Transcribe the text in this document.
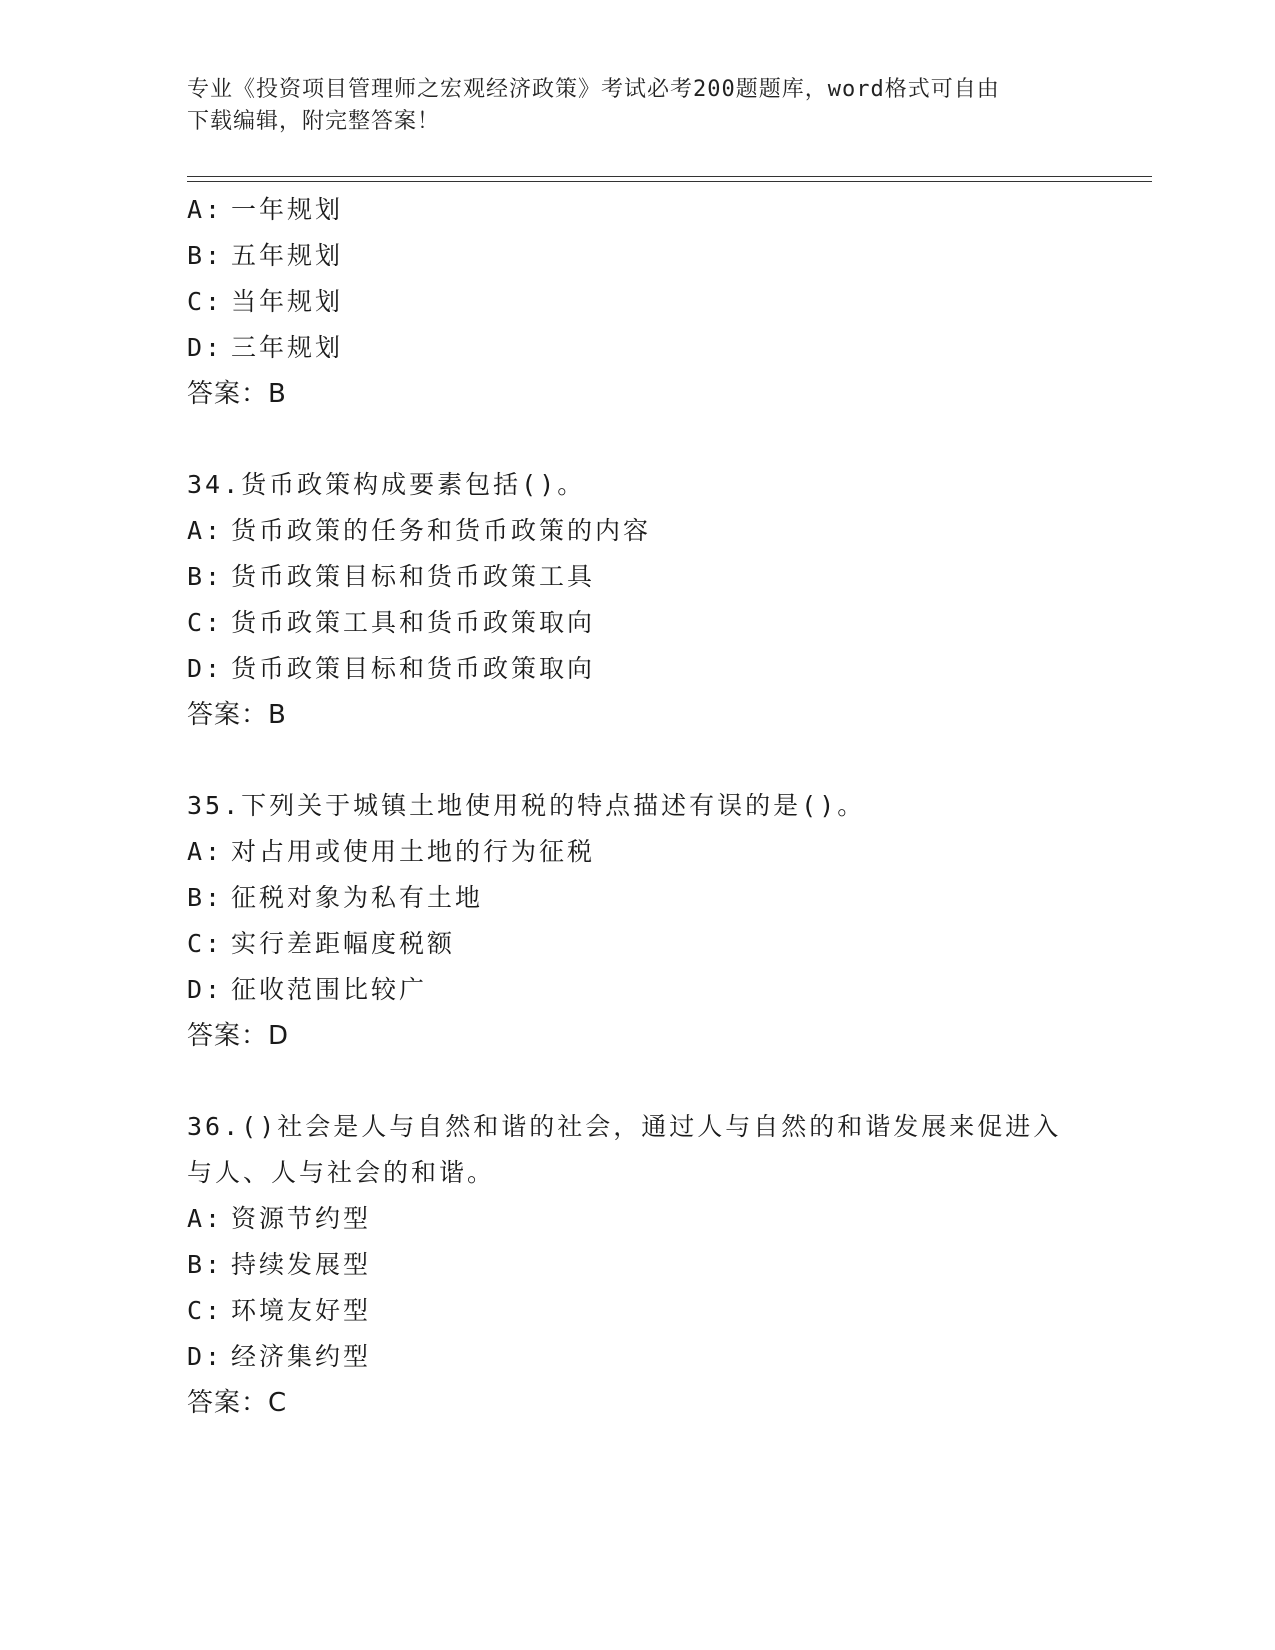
专业《投资项目管理师之宏观经济政策》考试必考200题题库，word格式可自由
下载编辑，附完整答案！
A: 一年规划
B: 五年规划
C: 当年规划
D: 三年规划
答案：B
34.货币政策构成要素包括()。
A: 货币政策的任务和货币政策的内容
B: 货币政策目标和货币政策工具
C: 货币政策工具和货币政策取向
D: 货币政策目标和货币政策取向
答案：B
35.下列关于城镇土地使用税的特点描述有误的是()。
A: 对占用或使用土地的行为征税
B: 征税对象为私有土地
C: 实行差距幅度税额
D: 征收范围比较广
答案：D
36.()社会是人与自然和谐的社会，通过人与自然的和谐发展来促进入
与人、人与社会的和谐。
A: 资源节约型
B: 持续发展型
C: 环境友好型
D: 经济集约型
答案：C
